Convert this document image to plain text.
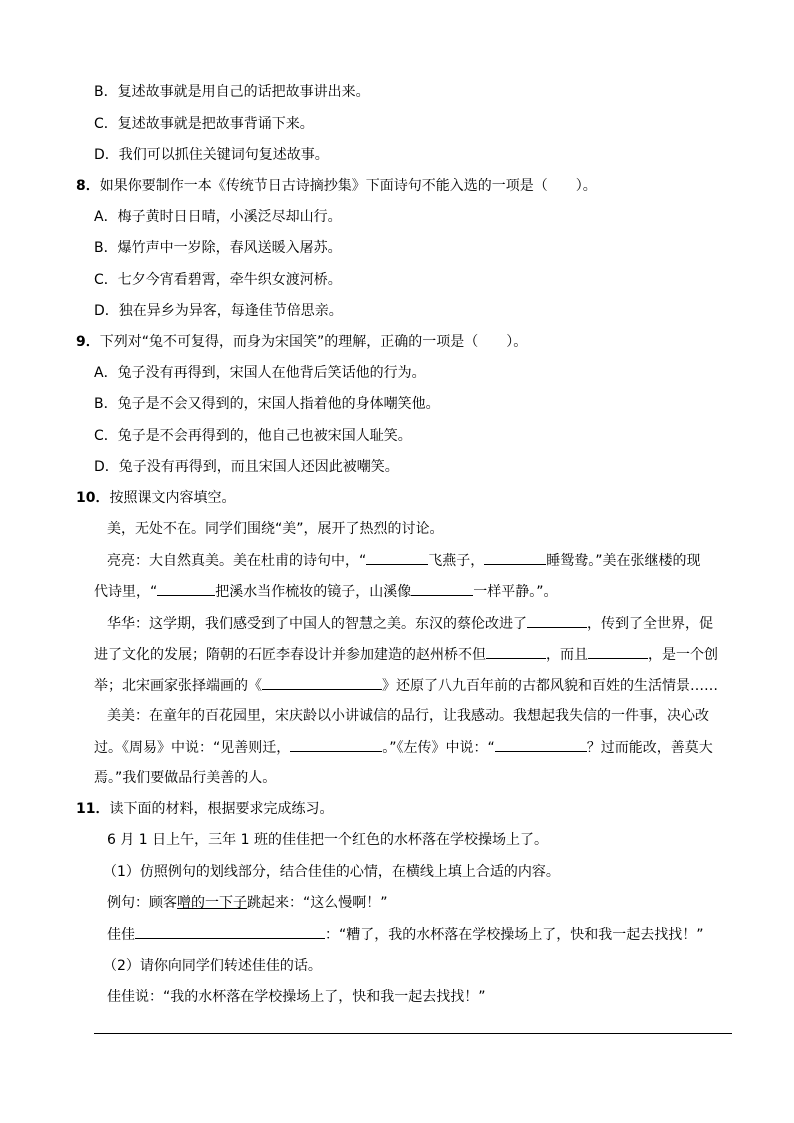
B．复述故事就是用自己的话把故事讲出来。
C．复述故事就是把故事背诵下来。
D．我们可以抓住关键词句复述故事。
8．如果你要制作一本《传统节日古诗摘抄集》下面诗句不能入选的一项是（　　）。
A．梅子黄时日日晴，小溪泛尽却山行。
B．爆竹声中一岁除，春风送暖入屠苏。
C．七夕今宵看碧霄，牵牛织女渡河桥。
D．独在异乡为异客，每逢佳节倍思亲。
9．下列对“兔不可复得，而身为宋国笑”的理解，正确的一项是（　　）。
A．兔子没有再得到，宋国人在他背后笑话他的行为。
B．兔子是不会又得到的，宋国人指着他的身体嘲笑他。
C．兔子是不会再得到的，他自己也被宋国人耻笑。
D．兔子没有再得到，而且宋国人还因此被嘲笑。
10．按照课文内容填空。
美，无处不在。同学们围绕“美”，展开了热烈的讨论。
亮亮：大自然真美。美在杜甫的诗句中，“	飞燕子，	睡鸳鸯。”美在张继楼的现
代诗里，“	把溪水当作梳妆的镜子，山溪像	一样平静。”。
华华：这学期，我们感受到了中国人的智慧之美。东汉的蔡伦改进了	，传到了全世界，促
进了文化的发展；隋朝的石匠李春设计并参加建造的赵州桥不但	，而且	，是一个创
举；北宋画家张择端画的《	》还原了八九百年前的古都风貌和百姓的生活情景……
美美：在童年的百花园里，宋庆龄以小讲诚信的品行，让我感动。我想起我失信的一件事，决心改
过。《周易》中说：“见善则迁，	。”《左传》中说：“	？过而能改，善莫大
焉。”我们要做品行美善的人。
11．读下面的材料，根据要求完成练习。
6 月 1 日上午，三年 1 班的佳佳把一个红色的水杯落在学校操场上了。
（1）仿照例句的划线部分，结合佳佳的心情，在横线上填上合适的内容。
例句：顾客噌的一下子跳起来：“这么慢啊！”
佳佳	：“糟了，我的水杯落在学校操场上了，快和我一起去找找！”
（2）请你向同学们转述佳佳的话。
佳佳说：“我的水杯落在学校操场上了，快和我一起去找找！”
